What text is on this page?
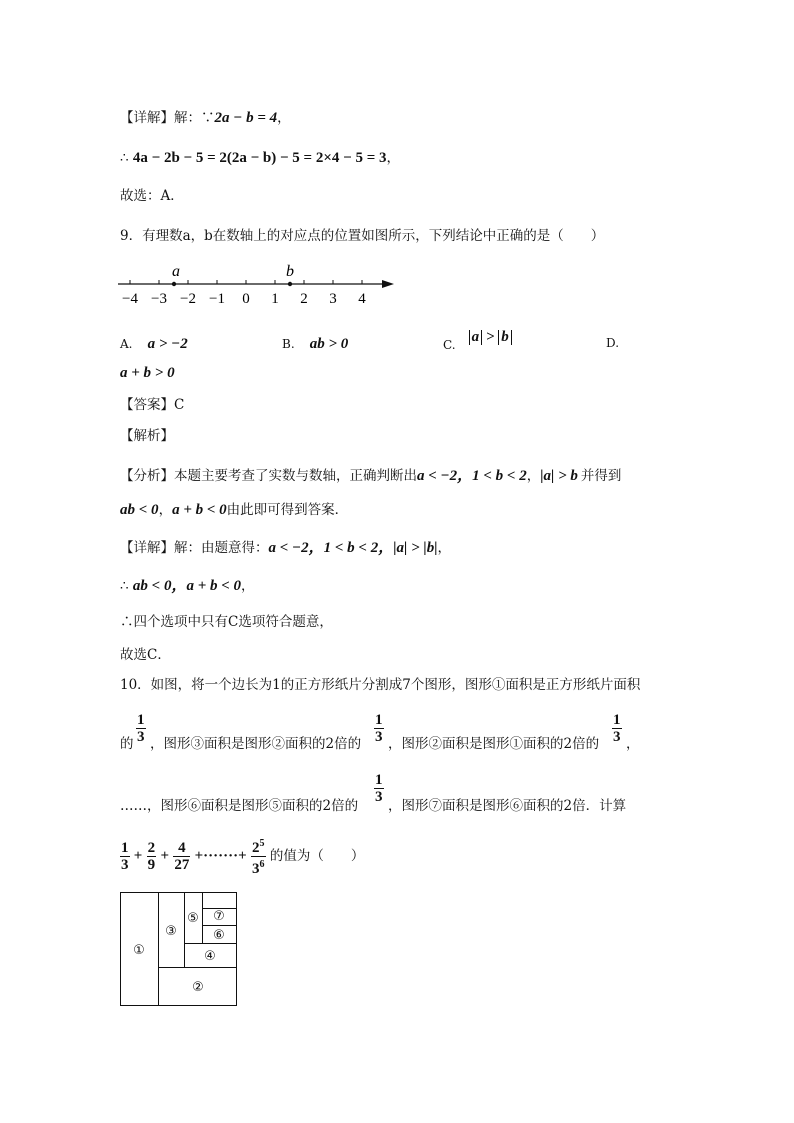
【详解】解：∵2a − b = 4，
∴ 4a − 2b − 5 = 2(2a − b) − 5 = 2×4 − 5 = 3，
故选：A．
9．有理数a，b在数轴上的对应点的位置如图所示，下列结论中正确的是（　　）
−4 −3 −2 −1 0 1 2 3 4
a	b
A. a > −2	B. ab > 0	$_{C.}$ a > b	D.
a + b > 0
【答案】C
【解析】
【分析】本题主要考查了实数与数轴，正确判断出a < −2，1 < b < 2，|a| > b 并得到
ab < 0，a + b < 0由此即可得到答案．
【详解】解：由题意得：a < −2，1 < b < 2，|a| > |b|，
∴ ab < 0，a + b < 0，
∴四个选项中只有C选项符合题意，
故选C．
10．如图，将一个边长为1的正方形纸片分割成7个图形，图形①面积是正方形纸片面积
的 $\frac{1}{3}$ ，图形③面积是图形②面积的2倍的 $\frac{1}{3}$ ，图形②面积是图形①面积的2倍的 $\frac{1}{3}$ ，
……，图形⑥面积是图形⑤面积的2倍的
$\frac{1}{3}$
，图形⑦面积是图形⑥面积的2倍．计算
$\frac{1}{3} + \frac{2}{9} + \frac{4}{27}$ +·······+ $\frac{2^5}{3^6}$ 的值为（　　）
①
②
③
④
⑤
⑥
⑦
